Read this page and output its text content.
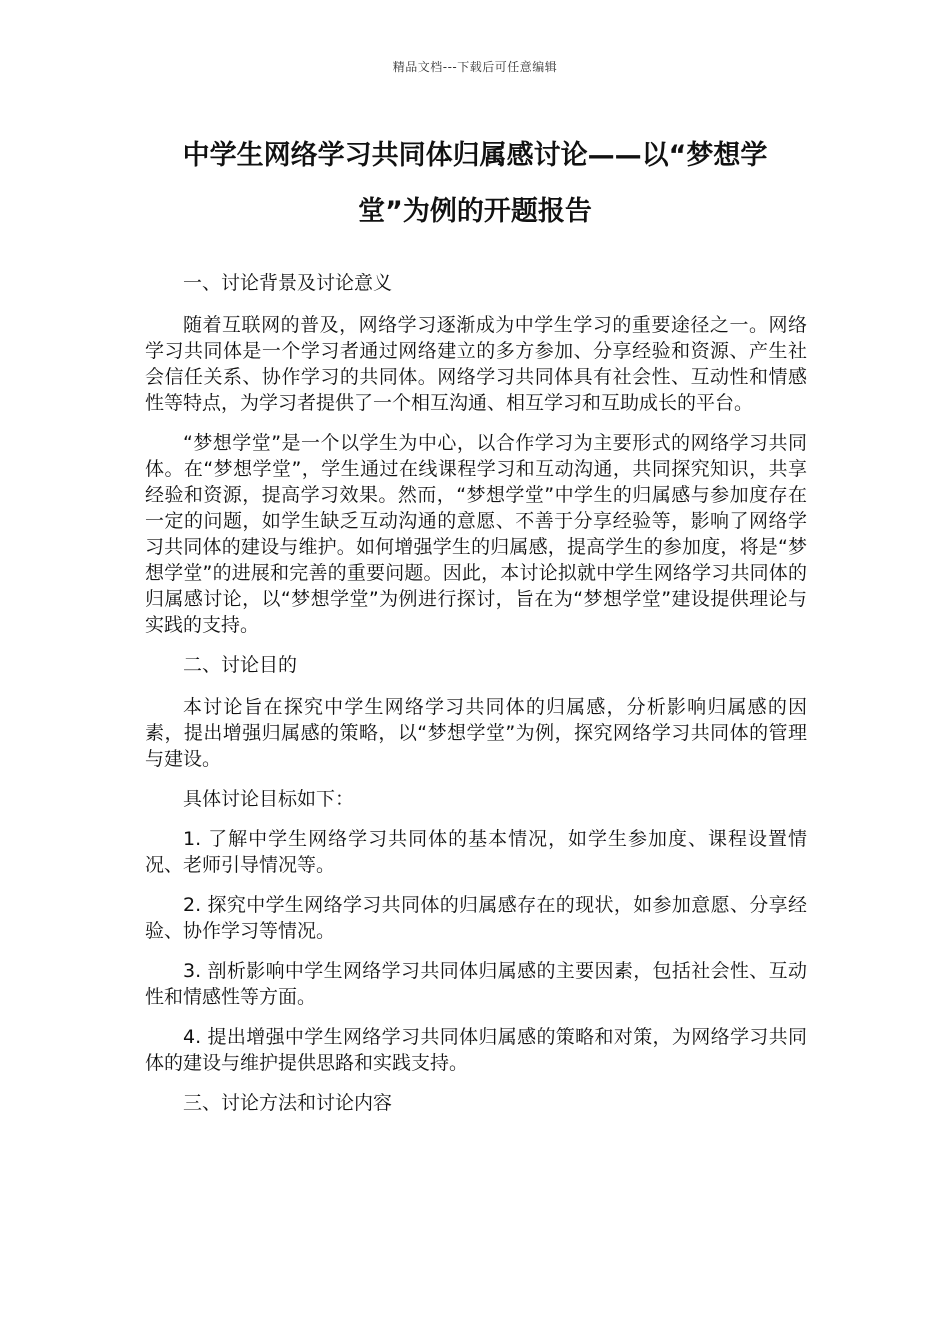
精品文档---下载后可任意编辑
中学生网络学习共同体归属感讨论——以“梦想学堂”为例的开题报告

一、讨论背景及讨论意义

随着互联网的普及，网络学习逐渐成为中学生学习的重要途径之一。网络学习共同体是一个学习者通过网络建立的多方参加、分享经验和资源、产生社会信任关系、协作学习的共同体。网络学习共同体具有社会性、互动性和情感性等特点，为学习者提供了一个相互沟通、相互学习和互助成长的平台。

“梦想学堂”是一个以学生为中心，以合作学习为主要形式的网络学习共同体。在“梦想学堂”，学生通过在线课程学习和互动沟通，共同探究知识，共享经验和资源，提高学习效果。然而，“梦想学堂”中学生的归属感与参加度存在一定的问题，如学生缺乏互动沟通的意愿、不善于分享经验等，影响了网络学习共同体的建设与维护。如何增强学生的归属感，提高学生的参加度，将是“梦想学堂”的进展和完善的重要问题。因此，本讨论拟就中学生网络学习共同体的归属感讨论，以“梦想学堂”为例进行探讨，旨在为“梦想学堂”建设提供理论与实践的支持。

二、讨论目的

本讨论旨在探究中学生网络学习共同体的归属感，分析影响归属感的因素，提出增强归属感的策略，以“梦想学堂”为例，探究网络学习共同体的管理与建设。

具体讨论目标如下：

1. 了解中学生网络学习共同体的基本情况，如学生参加度、课程设置情况、老师引导情况等。

2. 探究中学生网络学习共同体的归属感存在的现状，如参加意愿、分享经验、协作学习等情况。

3. 剖析影响中学生网络学习共同体归属感的主要因素，包括社会性、互动性和情感性等方面。

4. 提出增强中学生网络学习共同体归属感的策略和对策，为网络学习共同体的建设与维护提供思路和实践支持。

三、讨论方法和讨论内容
